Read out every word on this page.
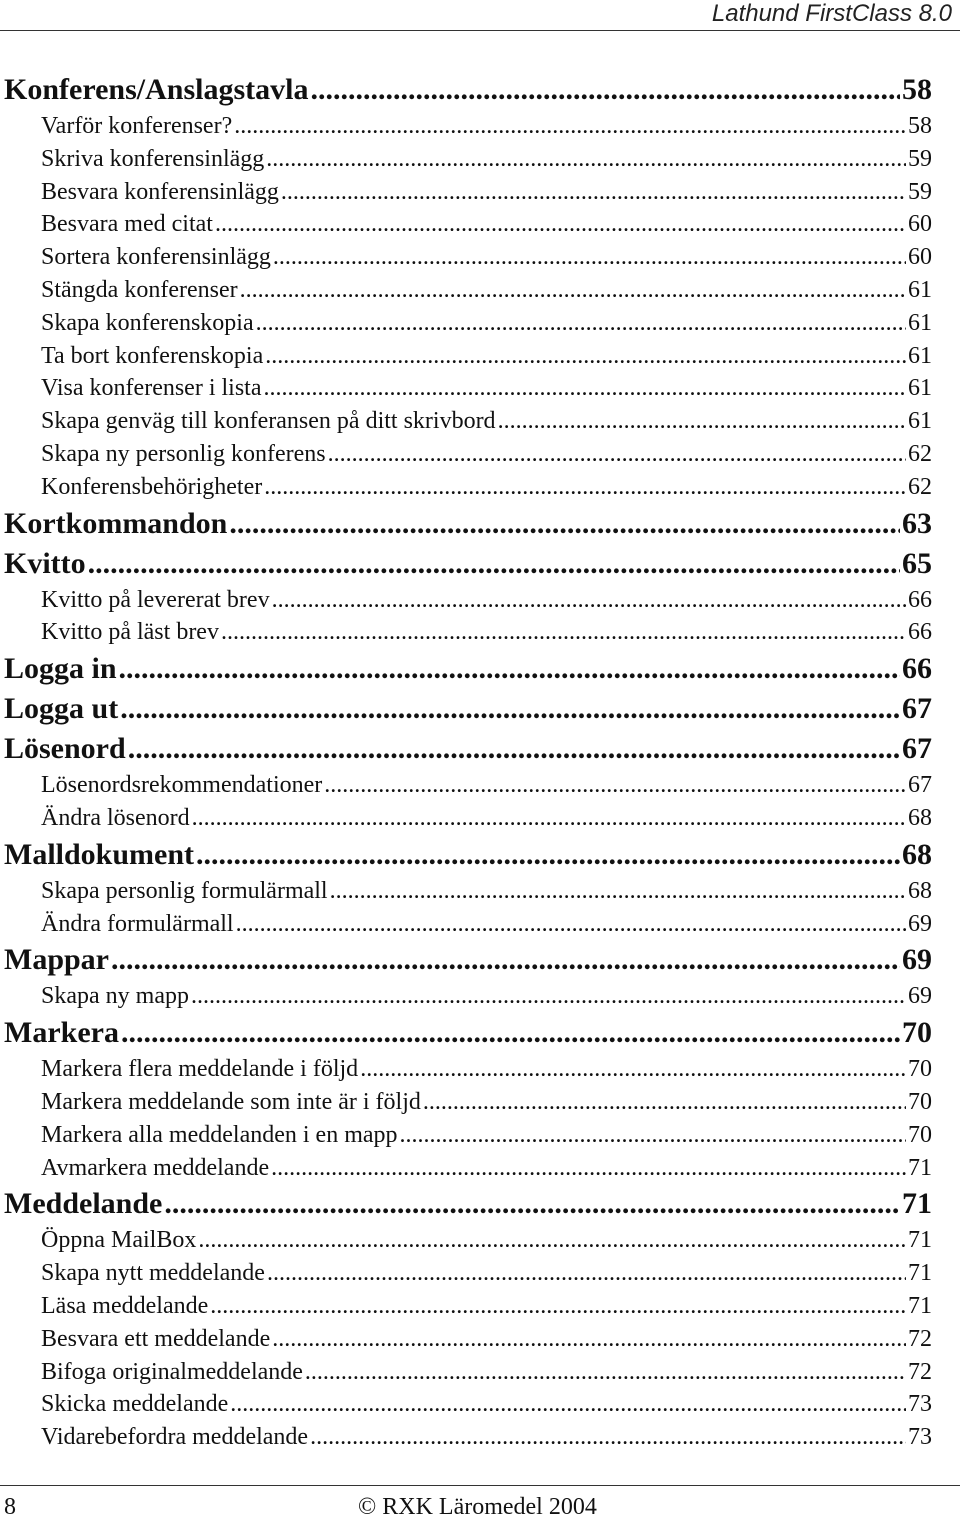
Lathund FirstClass 8.0
Konferens/Anslagstavla .....	58
Varför konferenser? .....	58
Skriva konferensinlägg .....	59
Besvara konferensinlägg .....	59
Besvara med citat .....	60
Sortera konferensinlägg .....	60
Stängda konferenser .....	61
Skapa konferenskopia .....	61
Ta bort konferenskopia .....	61
Visa konferenser i lista .....	61
Skapa genväg till konferansen på ditt skrivbord .....	61
Skapa ny personlig konferens .....	62
Konferensbehörigheter .....	62
Kortkommandon .....	63
Kvitto .....	65
Kvitto på levererat brev .....	66
Kvitto på läst brev .....	66
Logga in .....	66
Logga ut .....	67
Lösenord .....	67
Lösenordsrekommendationer .....	67
Ändra lösenord .....	68
Malldokument .....	68
Skapa personlig formulärmall .....	68
Ändra formulärmall .....	69
Mappar .....	69
Skapa ny mapp .....	69
Markera .....	70
Markera flera meddelande i följd .....	70
Markera meddelande som inte är i följd .....	70
Markera alla meddelanden i en mapp .....	70
Avmarkera meddelande .....	71
Meddelande .....	71
Öppna MailBox .....	71
Skapa nytt meddelande .....	71
Läsa meddelande .....	71
Besvara ett meddelande .....	72
Bifoga originalmeddelande .....	72
Skicka meddelande .....	73
Vidarebefordra meddelande .....	73
8	© RXK Läromedel 2004
